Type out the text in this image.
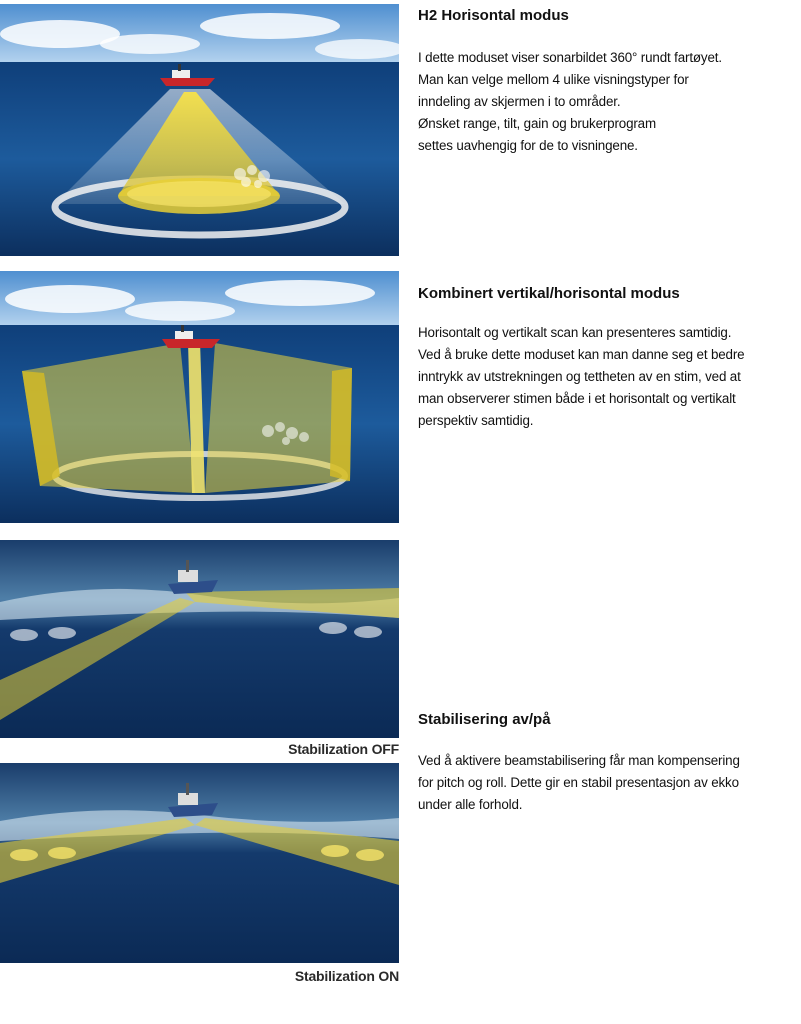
H2 Horisontal modus

I dette moduset viser sonarbildet 360° rundt fartøyet.
Man kan velge mellom 4 ulike visningstyper for
inndeling av skjermen i to områder.
Ønsket range, tilt, gain og brukerprogram
settes uavhengig for de to visningene.

Kombinert vertikal/horisontal modus

Horisontalt og vertikalt scan kan presenteres samtidig.
Ved å bruke dette moduset kan man danne seg et bedre
inntrykk av utstrekningen og tettheten av en stim, ved at
man observerer stimen både i et horisontalt og vertikalt
perspektiv samtidig.

Stabilization OFF
Stabilisering av/på

Ved å aktivere beamstabilisering får man kompensering
for pitch og roll. Dette gir en stabil presentasjon av ekko
under alle forhold.

Stabilization ON
